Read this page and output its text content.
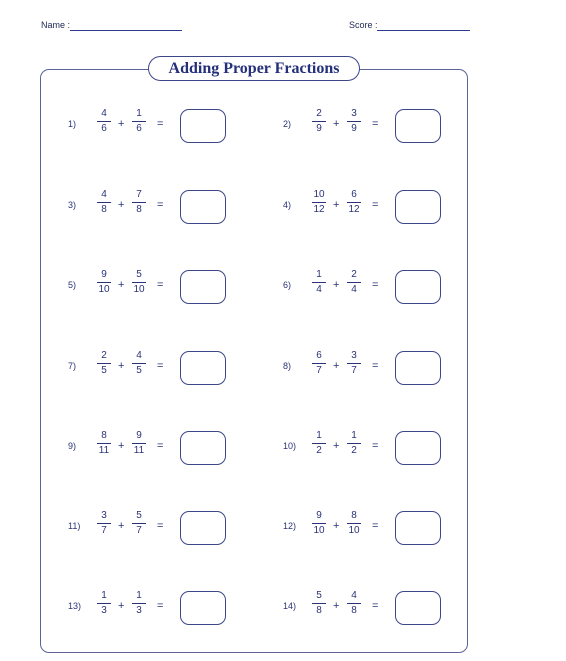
Name :	Score :
Adding Proper Fractions
1)
4
6	+
1
6	=	2)
2
9	+
3
9	=
3)
4
8	+
7
8	=	4)
10
12 +
6
12 =
5)
9
10 +
5
10 =	6)
1
4	+
2
4	=
7)
2
5	+
4
5	=	8)
6
7	+
3
7	=
9)
8
11 +
9
11 =	10)
1
2	+
1
2	=
11)
3
7	+
5
7	=	12)
9
10 +
8
10 =
13)
1
3	+
1
3	=	14)
5
8	+
4
8	=
